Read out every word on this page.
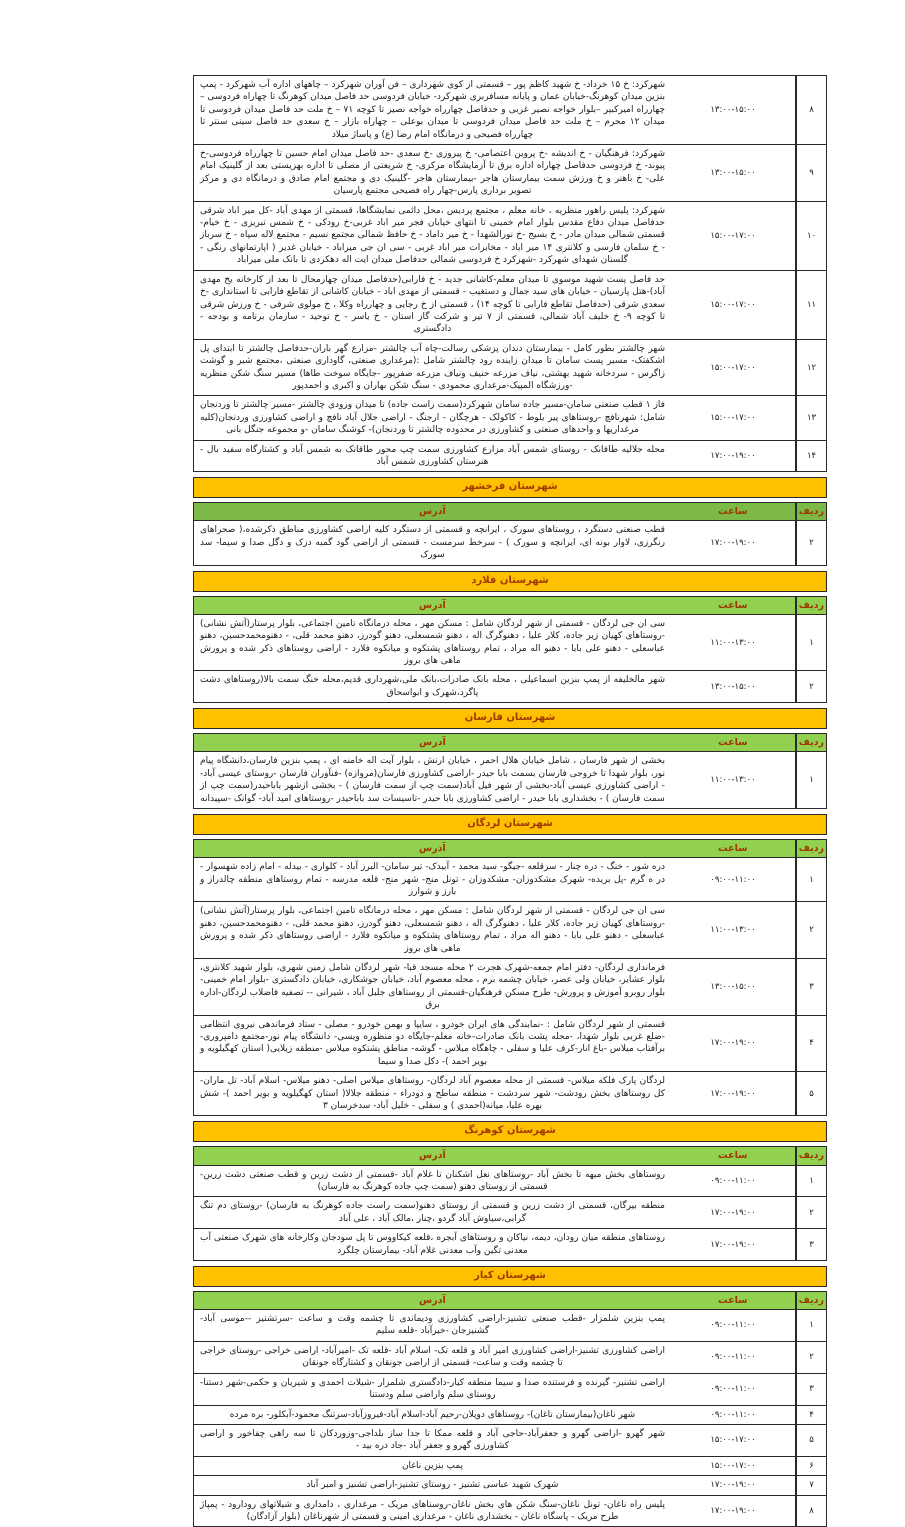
۸
۱۳:۰۰-۱۵:۰۰
شهرکرد: خ ۱۵ خرداد- خ شهید کاظم پور – قسمتی از کوی شهرداری – فن آوران شهرکرد – چاههای اداره آب شهرکرد - پمپ بنزین میدان کوهرنگ-خیابان عمان و پایانه مسافربری شهرکرد- خیابان فردوسی حد فاصل میدان کوهرنگ تا چهاراه فردوسی – چهارراه امیرکبیر –بلوار خواجه نصیر غربی و حدفاصل چهارراه خواجه نصیر تا کوچه ۷۱ – خ ملت حد فاصل میدان فردوسی تا میدان ۱۲ محرم – خ ملت حد فاصل میدان فردوسی تا میدان بوعلی – چهاراه بازار – خ سعدی حد فاصل سینی سنتر تا چهارراه فصیحی و درمانگاه امام رضا (ع) و پاساژ میلاد
۹
۱۳:۰۰-۱۵:۰۰
شهرکرد: فرهنگیان - خ اندیشه -خ پروین اعتصامی- خ پیروزی -خ سعدی -حد فاصل میدان امام حسین تا چهارراه فردوسی-خ پیوند- خ فردوسی حدفاصل چهاراه اداره برق تا آزمایشگاه مرکزی- خ شریعتی از مصلی تا اداره بهزیستی بعد از گلینیک امام علی- خ باهنر و خ ورزش سمت بیمارستان هاجر -بیمارستان هاجر -گلینیک دی و مجتمع امام صادق و درمانگاه دی و مرکز تصویر برداری پارس-چهار راه فصیحی مجتمع پارسیان
۱۰
۱۵:۰۰-۱۷:۰۰
شهرکرد: پلیس راهور منظریه ، خانه معلم ، مجتمع پردیس ،محل دائمی نمایشگاها، قسمتی از مهدی آباد -کل میر اباد شرقی حدفاصل میدان دفاع مقدس بلوار امام خمینی تا انتهای خیابان فجر میر اباد غربی-خ رودکی - خ شمس تبریزی - خ خیام- قسمتی شمالی میدان مادر - خ بسیج -خ نورالشهدا - خ میر داماد - خ حافظ شمالی مجتمع نسیم - مجتمع لاله سپاه - خ سرباز - خ سلمان فارسی و کلانتری ۱۴ میر اباد - مخابرات میر اباد غربی - سی ان جی میراباد - خیابان غدیر ( اپارتمانهای رنگی - گلستان شهدای شهرکرد -شهرکرد خ فردوسی شمالی حدفاصل میدان ایت اله دهکردی تا بانک ملی میراباد
۱۱
۱۵:۰۰-۱۷:۰۰
حد فاصل پست شهید موسوی تا میدان معلم-کاشانی جدید - خ فارابی(حدفاصل میدان چهارمحال تا بعد از کارخانه یخ مهدی آباد)-هتل پارسیان - خیابان های سید جمال و دستغیب - قسمتی از مهدی اباد - خیابان کاشانی از تقاطع فارابی تا استانداری -خ سعدی شرقی (حدفاصل تقاطع فارابی تا کوچه ۱۴) ، قسمتی از خ رجایی و چهارراه وکلا ، خ مولوی شرقی - خ ورزش شرقی تا کوچه ۹- خ خلیف آباد شمالی، قسمتی از ۷ تیر و شرکت گاز استان - خ یاسر - خ توحید - سازمان برنامه و بودجه - دادگستری
۱۲
۱۵:۰۰-۱۷:۰۰
شهر چالشتر بطور کامل - بیمارستان دندان پزشکی رسالت-چاه آب چالشتر -مزارع گهر باران-حدفاصل چالشتر تا ابتدای پل اشکفتک- مسیر پست سامان تا میدان زاینده رود چالشتر شامل :(مرغداری صنعتی، گاوداری صنعتی ،مجتمع شیر و گوشت زاگرس - سردخانه شهید بهشتی، نیاف مزرعه حنیف ونیاف مزرعه صفرپور -جایگاه سوخت طاها) مسیر سنگ شکن منظریه -ورزشگاه المپیک-مرغداری محمودی - سنگ شکن بهاران و اکبری و احمدپور
۱۳
۱۵:۰۰-۱۷:۰۰
فاز ۱ قطب صنعتی سامان-مسیر جاده سامان شهرکرد(سمت راست جاده) تا میدان ورودی چالشتر -مسیر چالشتر تا وردنجان شامل: شهرنافچ -روستاهای پیر بلوط - کاکولک - هرچگان - ارجنگ - اراضی جلال آباد نافچ و اراضی کشاورزی وردنجان(کلیه مرغداریها و واحدهای صنعتی و کشاورزی در محدوده چالشتر تا وردنجان)- کوشنگ سامان -و مجموعه جنگل بانی
۱۴
۱۷:۰۰-۱۹:۰۰
محله جلالیه طاقانک - روستای شمس آباد مزارع کشاورزی سمت چپ محور طاقانک به شمس آباد و کشتارگاه سفید بال - هنرستان کشاورزی شمس آباد
شهرستان فرخشهر
ردیف
ساعت
آدرس
۲
۱۷:۰۰-۱۹:۰۰
قطب صنعتی دستگرد ، روستاهای سورک ، ایرانچه و قسمتی از دستگرد کلیه اراضی کشاورزی مناطق ذکرشده،( صحراهای رنگرزی، لاوار بونه ای، ایرانچه و سورک ) - سرخط سرمست - قسمتی از اراضی گود گمبه دزک و دگل صدا و سیما- سد سورک
شهرستان فلارد
ردیف
ساعت
آدرس
۱
۱۱:۰۰-۱۳:۰۰
سی ان جی لردگان - قسمتی از شهر لردگان شامل : مسکن مهر ، محله درمانگاه تامین اجتماعی، بلوار پرستار(آتش نشانی) -روستاهای کهیان زیر جاده، کلار علیا ، دهنوگرگ اله ، دهنو شمسعلی، دهنو گودرز، دهنو محمد قلی، - دهنومحمدحسین، دهنو عباسعلی - دهنو علی بابا - دهنو اله مراد ، تمام روستاهای پشتکوه و میانکوه فلارد - اراضی روستاهای ذکر شده و پرورش ماهی های بروز
۲
۱۳:۰۰-۱۵:۰۰
شهر مالخلیفه از پمپ بنزین اسماعیلی ، محله بانک صادرات،بانک ملی،شهرداری قدیم،محله خنگ سمت بالا(روستاهای دشت پاگرد،شهرک و ابواسحاق
شهرستان فارسان
ردیف
ساعت
آدرس
۱
۱۱:۰۰-۱۳:۰۰
بخشی از شهر فارسان ، شامل خیابان هلال احمر ، خیابان ارتش ، بلوار آیت اله خامنه ای ، پمپ بنزین فارسان،دانشگاه پیام نور، بلوار شهدا تا خروجی فارسان بسمت بابا حیدر -اراضی کشاورزی فارسان(مروازه) -فنآوران فارسان -روستای عیسی آباد- - اراضی کشاورزی عیسی آباد-بخشی از شهر فیل آباد(سمت چپ از سمت فارسان ) - بخشی ازشهر باباحیدر(سمت چپ از سمت فارسان ) - بخشداری بابا حیدر - اراضی کشاورزی بابا حیدر -تاسیسات سد باباحیدر -روستاهای امید آباد- گوانک -سپیدانه
شهرستان لردگان
ردیف
ساعت
آدرس
۱
۰۹:۰۰-۱۱:۰۰
دره شور - خنگ - دره چنار - سرقلعه -جیگو- سید محمد - آبیدک- تیر سامان- البرز آباد - کلواری - بیدله - امام زاده شهسوار - در ه گرم -پل بریده- شهرک مشکدوزان- مشکدوزان - تونل منج- شهر منج- قلعه مدرسه - تمام روستاهای منطقه چالدراز و بارز و شوارز
۲
۱۱:۰۰-۱۳:۰۰
سی ان جی لردگان - قسمتی از شهر لردگان شامل : مسکن مهر ، محله درمانگاه تامین اجتماعی، بلوار پرستار(آتش نشانی) -روستاهای کهیان زیر جاده، کلار علیا ، دهنوگرگ اله ، دهنو شمسعلی، دهنو گودرز، دهنو محمد قلی، - دهنومحمدحسین، دهنو عباسعلی - دهنو علی بابا - دهنو اله مراد ، تمام روستاهای پشتکوه و میانکوه فلارد - اراضی روستاهای ذکر شده و پرورش ماهی های بروز
۳
۱۳:۰۰-۱۵:۰۰
فرمانداری لردگان- دفتر امام جمعه-شهرک هجرت ۲ محله مسجد قبا- شهر لردگان شامل زمین شهری، بلوار شهید کلانتری، بلوار عشایر، خیابان ولی عصر، خیابان چشمه برم ، محله معصوم آباد، خیابان جوشکاری، خیابان دادگستری -بلوار امام خمینی- بلوار روبرو آموزش و پرورش- طرح مسکن فرهنگیان-قسمتی از روستاهای جلیل آباد ، شیرانی -- تصفیه فاضلاب لردگان-اداره برق
۴
۱۷:۰۰-۱۹:۰۰
قسمتی از شهر لردگان شامل : -نمایندگی های ایران خودرو ، سایپا و بهمن خودرو - مصلی - ستاد فرماندهی نیروی انتظامی -ضلع غربی بلوار شهدا، -محله پشت بانک صادرات-خانه معلم-جایگاه دو منظوره ویسی- دانشگاه پیام نور-مجتمع دامپروری- برآفتاب میلاس -باغ انار-کرف علیا و سفلی - چاهگاه میلاس - گوشه- مناطق پشتکوه میلاس -منطقه زیلایی( استان کهگیلویه و بویر احمد )- دکل صدا و سیما
۵
۱۷:۰۰-۱۹:۰۰
لردگان پارک فلکه میلاس- قسمتی از محله معصوم آباد لردگان- روستاهای میلاس اصلی- دهنو میلاس- اسلام آباد- تل ماران- کل روستاهای بخش رودشت- شهر سردشت - منطقه ساطح و دودراء - منطقه جلالا( استان کهگیلویه و بویر احمد )- شش بهره علیا، میانه(احمدی ) و سفلی - خلیل آباد- سدخرسان ۳
شهرستان کوهرنگ
ردیف
ساعت
آدرس
۱
۰۹:۰۰-۱۱:۰۰
روستاهای بخش میهه تا بخش آباد -روستاهای نعل اشکنان تا غلام آباد -قسمتی از دشت زرین و قطب صنعتی دشت زرین-قسمتی از روستای دهنو (سمت چپ جاده کوهرنگ به فارسان)
۲
۱۷:۰۰-۱۹:۰۰
منطقه بیرگان، قسمتی از دشت زرین و قسمتی از روستای دهنو(سمت راست جاده کوهرنگ به فارسان) -روستای دم تنگ گرابی،سیاوش آباد گردو ،چنار ،مالک آباد ، علی آباد
۳
۱۷:۰۰-۱۹:۰۰
روستاهای منطقه میان رودان، دیمه، نیاکان و روستاهای آبجره ،قلعه کیکاووس تا پل سودجان وکارخانه های شهرک صنعتی آب معدنی تگین وآب معدنی غلام آباد- بیمارستان چلگرد
شهرستان کیار
ردیف
ساعت
آدرس
۱
۰۹:۰۰-۱۱:۰۰
پمپ بنزین شلمزار -قطب صنعتی تشنیز-اراضی کشاورزی ودیماندی تا چشمه وقت و ساعت -سرتشنیز --موسی آباد-گشنیزجان -خیرآباد -قلعه سلیم
۲
۰۹:۰۰-۱۱:۰۰
اراضی کشاورزی تشنیز-اراضی کشاورزی امیر آباد و قلعه تک- اسلام آباد -قلعه تک -امیرآباد- اراضی خراجی -روستای خراجی تا چشمه وقت و ساعت- قسمتی از اراضی جونقان و کشتارگاه جونقان
۳
۰۹:۰۰-۱۱:۰۰
اراضی تشنیز- گیرنده و فرستنده صدا و سیما منطقه کیار-دادگستری شلمزار -شیلات احمدی و شیریان و حکمی-شهر دستنا- روستای سلم واراضی سلم ودستنا
۴
۰۹:۰۰-۱۱:۰۰
شهر ناغان(بیمارستان ناغان)- روستاهای دوپلان-رحیم آباد-اسلام آباد-فیروزآباد-سرتنگ محمود-آبکلور- بره مرده
۵
۱۵:۰۰-۱۷:۰۰
شهر گهرو -اراضی گهرو و جعفرآباد-حاجی آباد و قلعه ممکا تا جدا ساز بلداجی-وزوردکان تا سه راهی چفاخور و اراضی کشاورزی گهرو و جعفر آباد -جاد دره بید -
۶
۱۵:۰۰-۱۷:۰۰
پمپ بنزین ناغان
۷
۱۷:۰۰-۱۹:۰۰
شهرک شهید عباسی تشنیز - روستای تشنیز-اراضی تشنیز و امیر آباد
۸
۱۷:۰۰-۱۹:۰۰
پلیس راه ناغان- تونل ناغان-سنگ شکن های بخش ناغان-روستاهای مریک - مرغداری ، دامداری و شیلاتهای رودارود - پمپاژ طرح مریک - پاسگاه ناغان - بخشداری ناغان - مرغداری امینی و قسمتی از شهرناغان (بلوار آزادگان)
